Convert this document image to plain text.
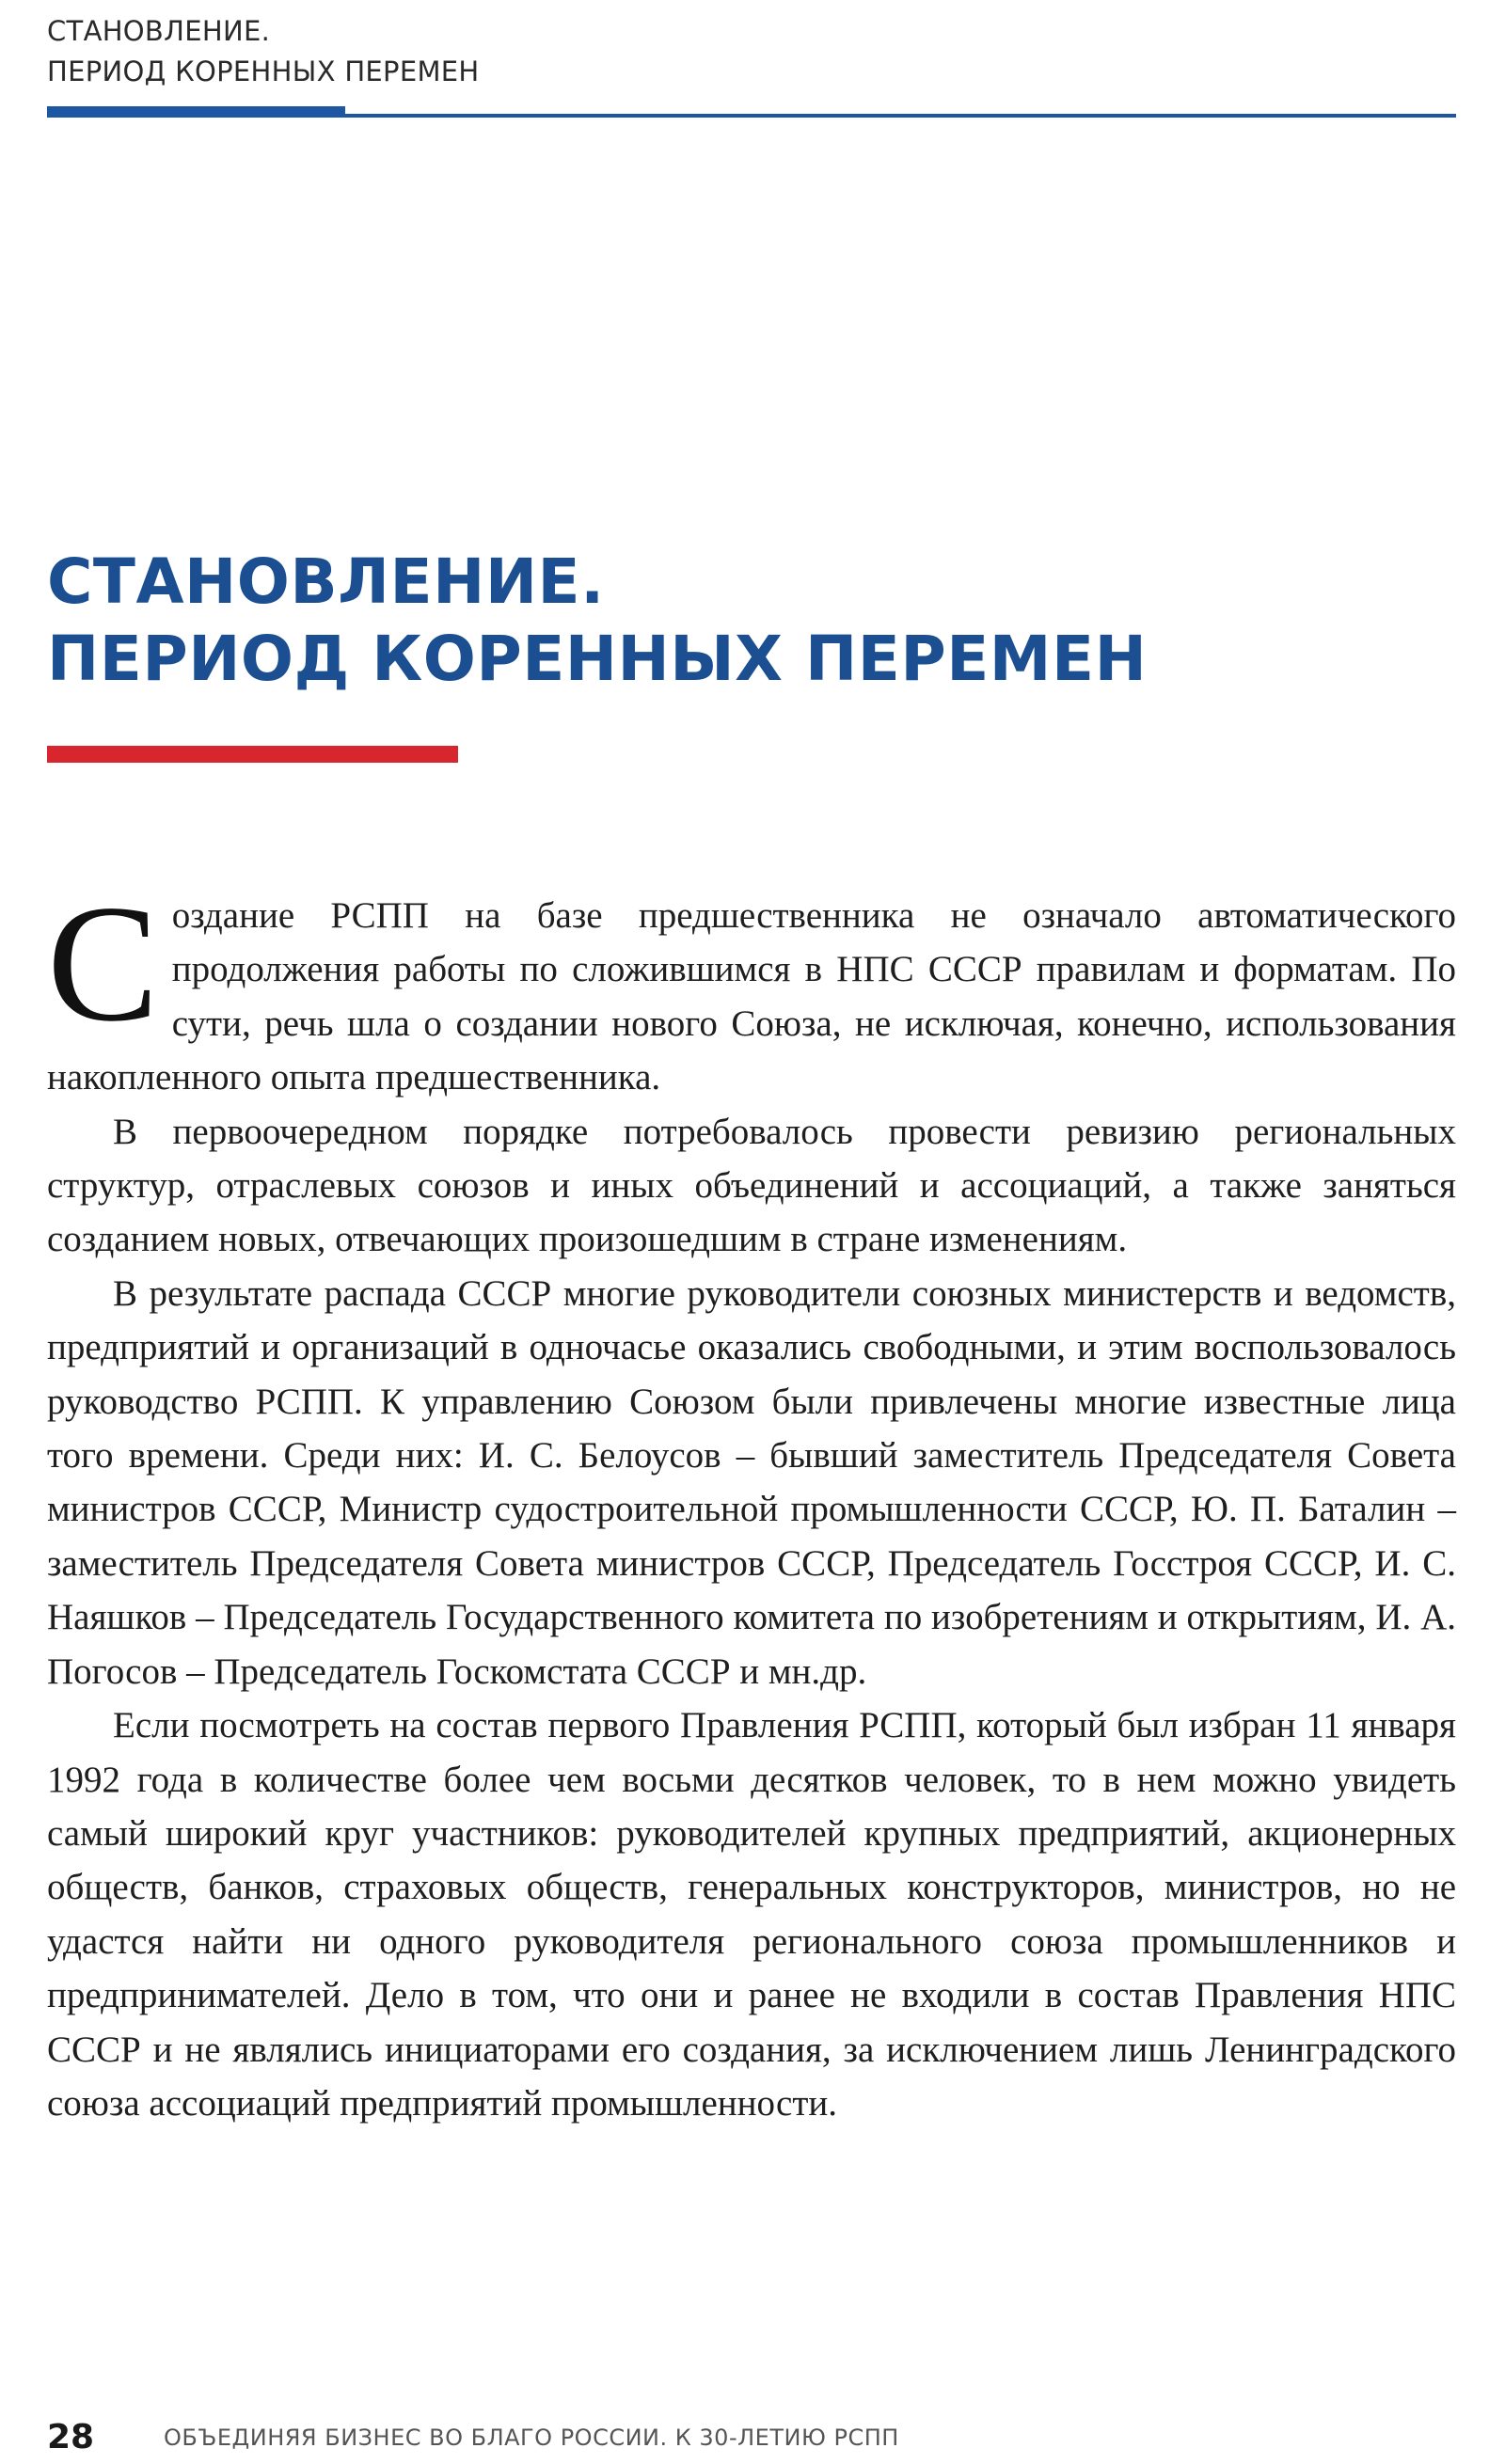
СТАНОВЛЕНИЕ.
ПЕРИОД КОРЕННЫХ ПЕРЕМЕН
СТАНОВЛЕНИЕ.
ПЕРИОД КОРЕННЫХ ПЕРЕМЕН

Создание РСПП на базе предшественника не означало автоматического продолжения работы по сложившимся в НПС СССР правилам и форматам. По сути, речь шла о создании нового Союза, не исключая, конечно, использования накопленного опыта предшественника.

В первоочередном порядке потребовалось провести ревизию региональных структур, отраслевых союзов и иных объединений и ассоциаций, а также заняться созданием новых, отвечающих произошедшим в стране изменениям.

В результате распада СССР многие руководители союзных министерств и ведомств, предприятий и организаций в одночасье оказались свободными, и этим воспользовалось руководство РСПП. К управлению Союзом были привлечены многие известные лица того времени. Среди них: И. С. Белоусов – бывший заместитель Председателя Совета министров СССР, Министр судостроительной промышленности СССР, Ю. П. Баталин – заместитель Председателя Совета министров СССР, Председатель Госстроя СССР, И. С. Наяшков – Председатель Государственного комитета по изобретениям и открытиям, И. А. Погосов – Председатель Госкомстата СССР и мн.др.

Если посмотреть на состав первого Правления РСПП, который был избран 11 января 1992 года в количестве более чем восьми десятков человек, то в нем можно увидеть самый широкий круг участников: руководителей крупных предприятий, акционерных обществ, банков, страховых обществ, генеральных конструкторов, министров, но не удастся найти ни одного руководителя регионального союза промышленников и предпринимателей. Дело в том, что они и ранее не входили в состав Правления НПС СССР и не являлись инициаторами его создания, за исключением лишь Ленинградского союза ассоциаций предприятий промышленности.

28	ОБЪЕДИНЯЯ БИЗНЕС ВО БЛАГО РОССИИ. К 30-ЛЕТИЮ РСПП
